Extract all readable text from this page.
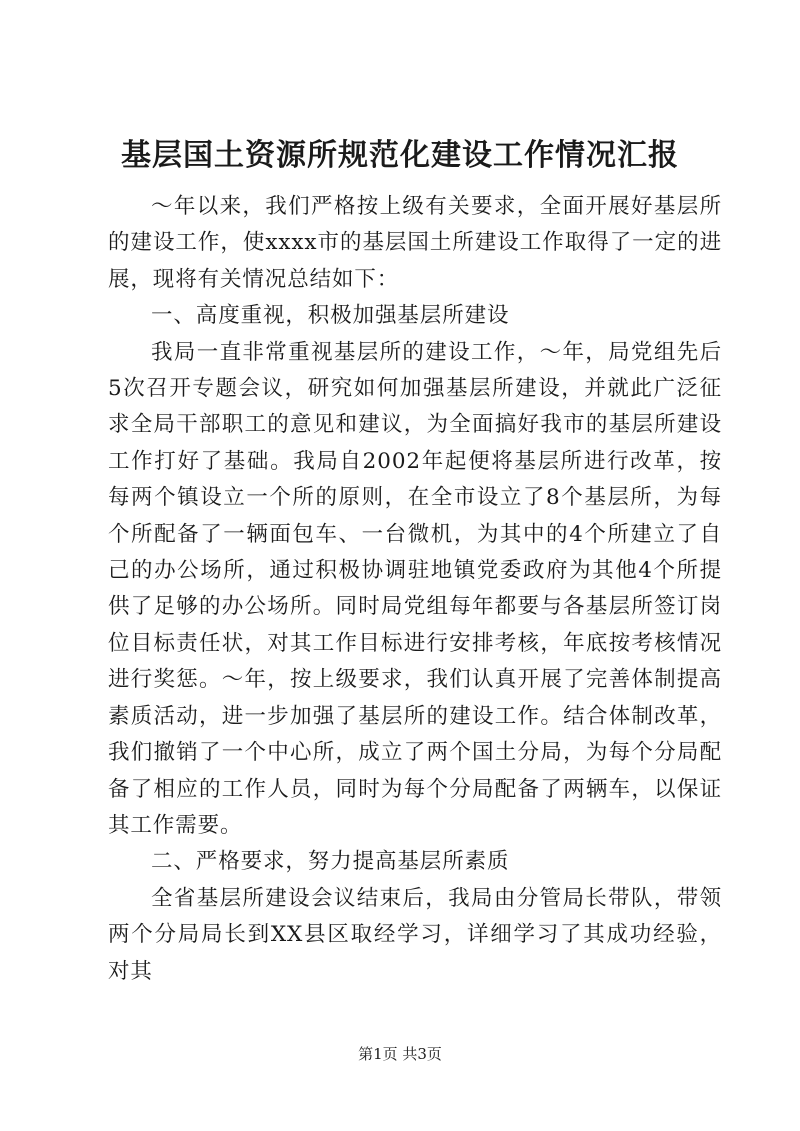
基层国土资源所规范化建设工作情况汇报

～年以来，我们严格按上级有关要求，全面开展好基层所的建设工作，使xxxx市的基层国土所建设工作取得了一定的进展，现将有关情况总结如下：

一、高度重视，积极加强基层所建设

我局一直非常重视基层所的建设工作，～年，局党组先后5次召开专题会议，研究如何加强基层所建设，并就此广泛征求全局干部职工的意见和建议，为全面搞好我市的基层所建设工作打好了基础。我局自2002年起便将基层所进行改革，按每两个镇设立一个所的原则，在全市设立了8个基层所，为每个所配备了一辆面包车、一台微机，为其中的4个所建立了自己的办公场所，通过积极协调驻地镇党委政府为其他4个所提供了足够的办公场所。同时局党组每年都要与各基层所签订岗位目标责任状，对其工作目标进行安排考核，年底按考核情况进行奖惩。～年，按上级要求，我们认真开展了完善体制提高素质活动，进一步加强了基层所的建设工作。结合体制改革，我们撤销了一个中心所，成立了两个国土分局，为每个分局配备了相应的工作人员，同时为每个分局配备了两辆车，以保证其工作需要。

二、严格要求，努力提高基层所素质

全省基层所建设会议结束后，我局由分管局长带队，带领两个分局局长到XX县区取经学习，详细学习了其成功经验，对其

第1页 共3页
